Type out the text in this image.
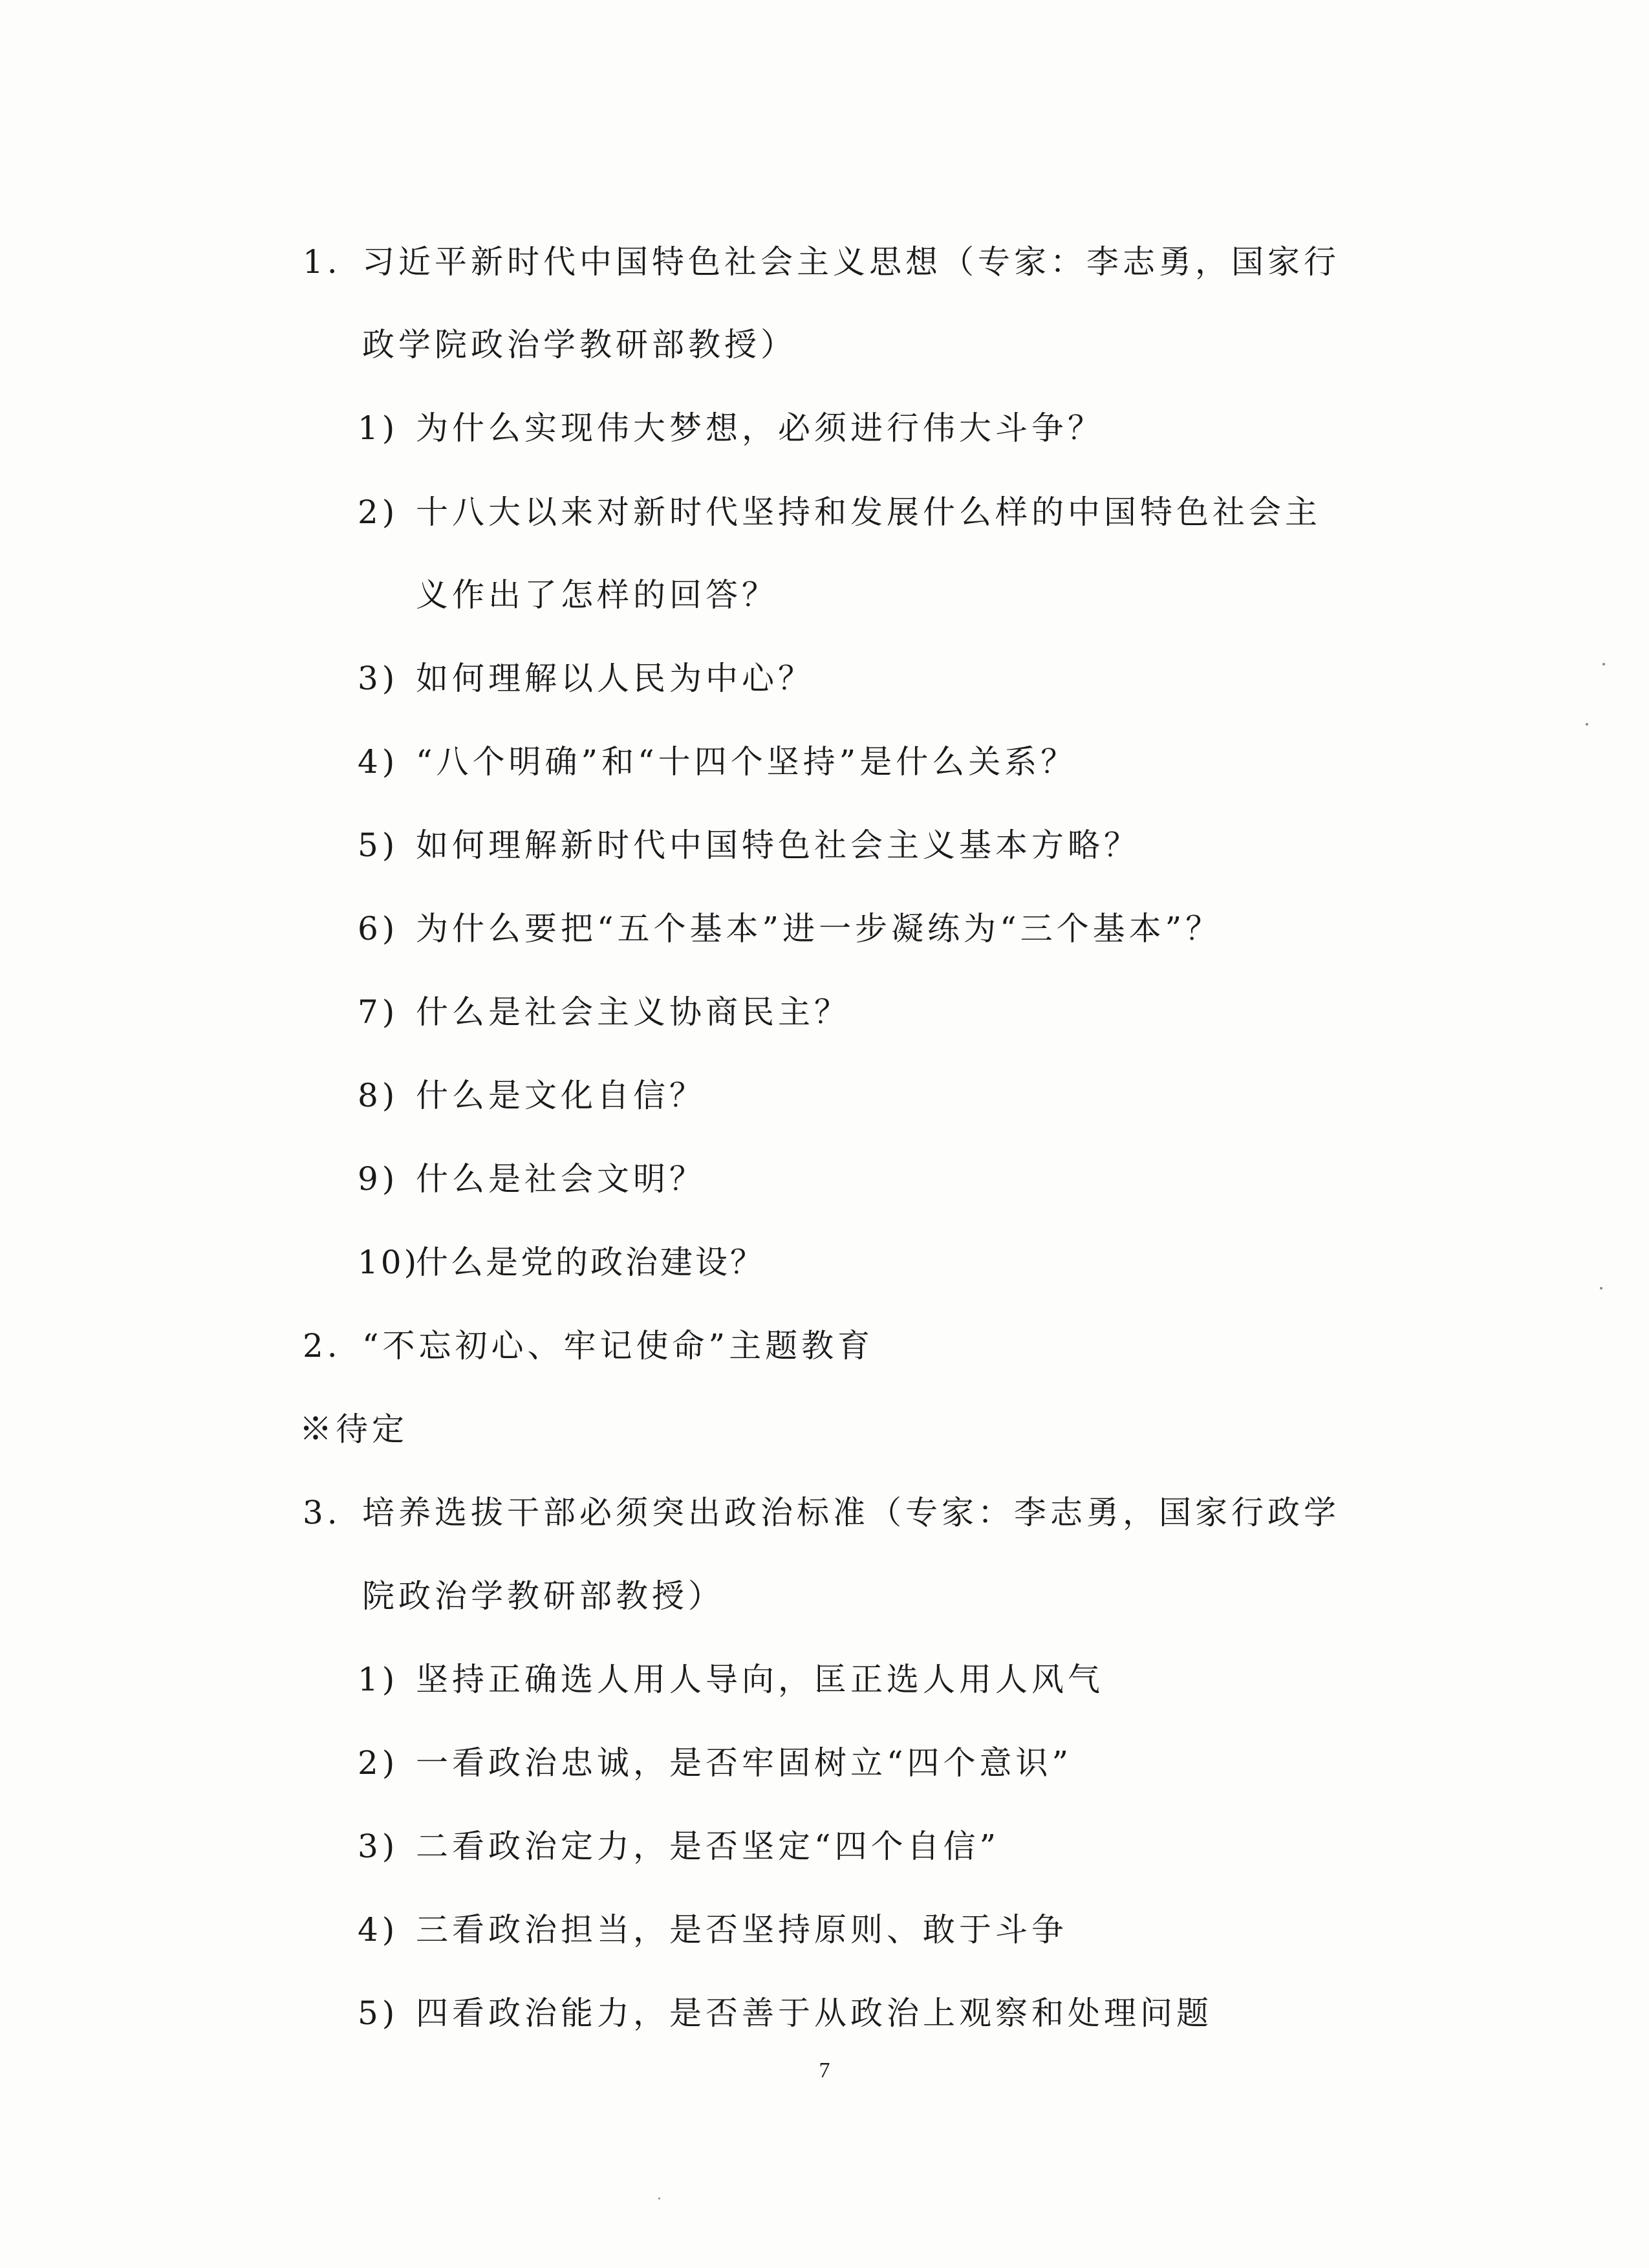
1. 习近平新时代中国特色社会主义思想（专家：李志勇，国家行
政学院政治学教研部教授）
1) 为什么实现伟大梦想，必须进行伟大斗争？
2) 十八大以来对新时代坚持和发展什么样的中国特色社会主
义作出了怎样的回答？
3) 如何理解以人民为中心？
4) “八个明确”和“十四个坚持”是什么关系？
5) 如何理解新时代中国特色社会主义基本方略？
6) 为什么要把“五个基本”进一步凝练为“三个基本”？
7) 什么是社会主义协商民主？
8) 什么是文化自信？
9) 什么是社会文明？
10)什么是党的政治建设？
2. “不忘初心、牢记使命”主题教育
※待定
3. 培养选拔干部必须突出政治标准（专家：李志勇，国家行政学
院政治学教研部教授）
1) 坚持正确选人用人导向，匡正选人用人风气
2) 一看政治忠诚，是否牢固树立“四个意识”
3) 二看政治定力，是否坚定“四个自信”
4) 三看政治担当，是否坚持原则、敢于斗争
5) 四看政治能力，是否善于从政治上观察和处理问题
7
